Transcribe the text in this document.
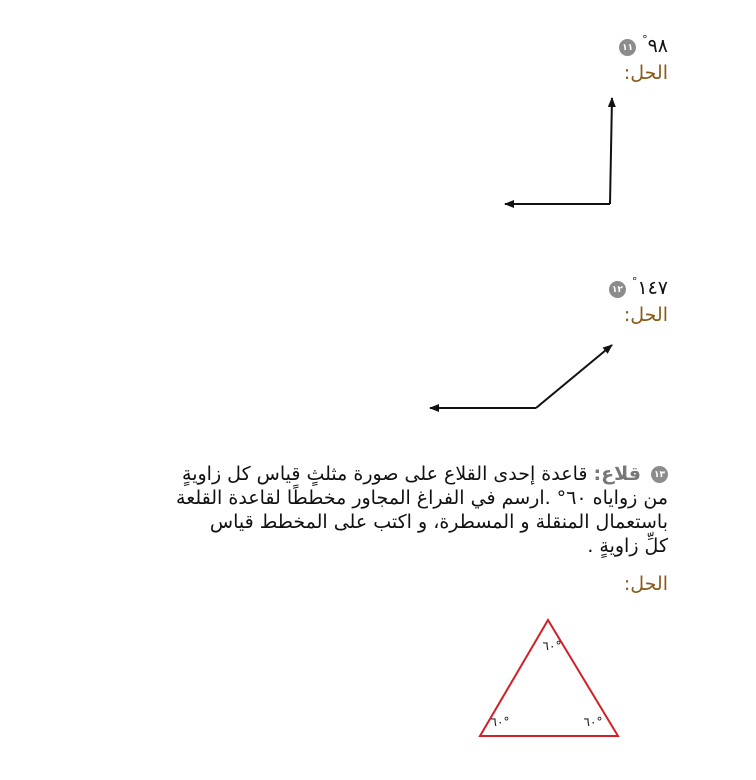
١١ ٩٨°
الحل:
١٢ ١٤٧°
الحل:
١٣ قلاع: قاعدة إحدى القلاع على صورة مثلثٍ قياس كل زاويةٍ
من زواياه ٦٠° .ارسم في الفراغ المجاور مخططًا لقاعدة القلعة
باستعمال المنقلة و المسطرة، و اكتب على المخطط قياس
كلِّ زاويةٍ .
الحل:
٦٠°
٦٠°	٦٠°
